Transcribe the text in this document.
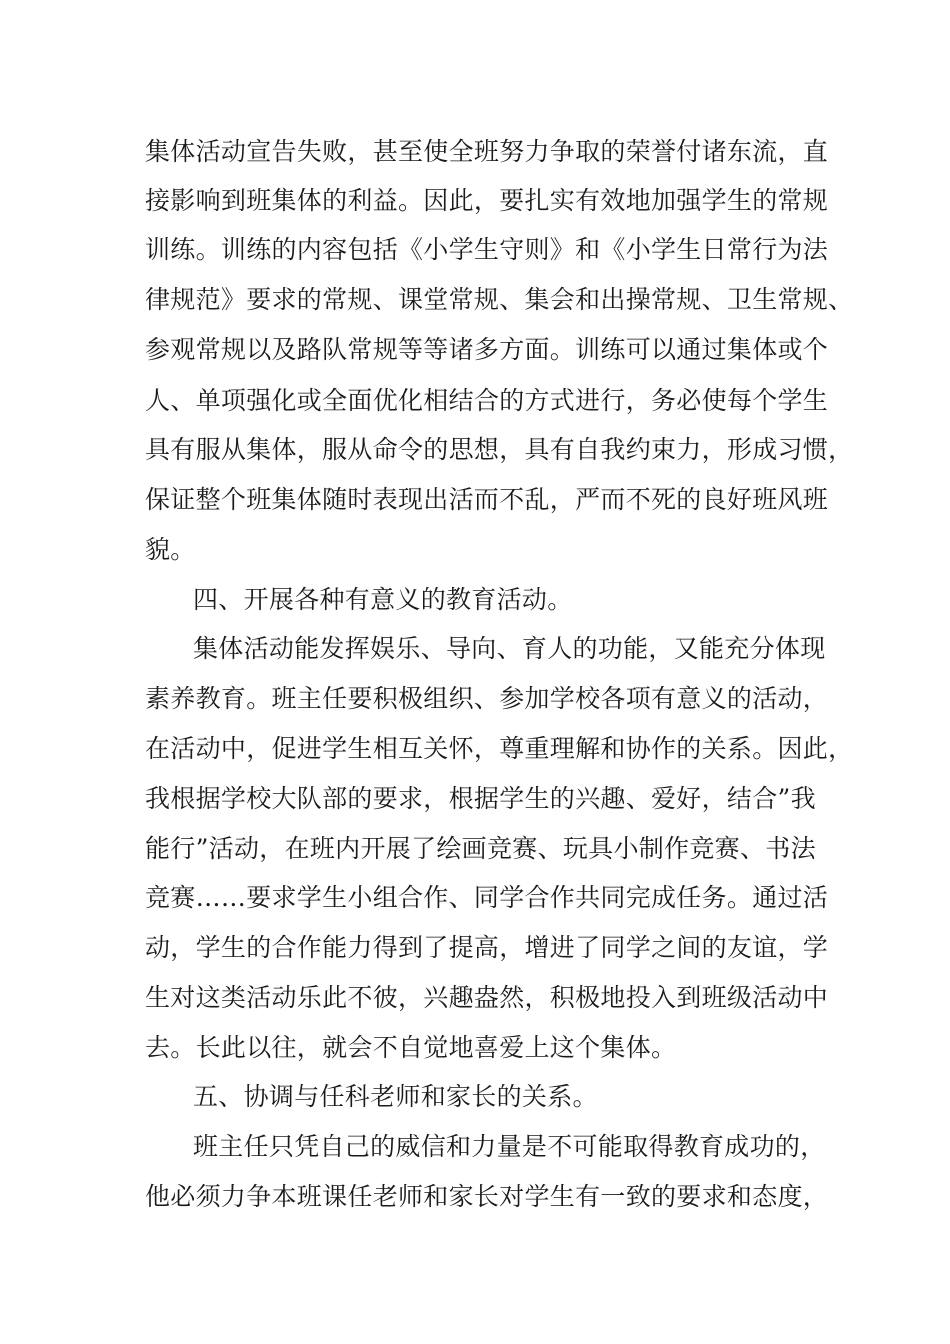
集体活动宣告失败，甚至使全班努力争取的荣誉付诸东流，直
接影响到班集体的利益。因此，要扎实有效地加强学生的常规
训练。训练的内容包括《小学生守则》和《小学生日常行为法
律规范》要求的常规、课堂常规、集会和出操常规、卫生常规、
参观常规以及路队常规等等诸多方面。训练可以通过集体或个
人、单项强化或全面优化相结合的方式进行，务必使每个学生
具有服从集体，服从命令的思想，具有自我约束力，形成习惯，
保证整个班集体随时表现出活而不乱，严而不死的良好班风班
貌。
四、开展各种有意义的教育活动。
集体活动能发挥娱乐、导向、育人的功能，又能充分体现
素养教育。班主任要积极组织、参加学校各项有意义的活动，
在活动中，促进学生相互关怀，尊重理解和协作的关系。因此，
我根据学校大队部的要求，根据学生的兴趣、爱好，结合”我
能行”活动，在班内开展了绘画竞赛、玩具小制作竞赛、书法
竞赛……要求学生小组合作、同学合作共同完成任务。通过活
动，学生的合作能力得到了提高，增进了同学之间的友谊，学
生对这类活动乐此不彼，兴趣盎然，积极地投入到班级活动中
去。长此以往，就会不自觉地喜爱上这个集体。
五、协调与任科老师和家长的关系。
班主任只凭自己的威信和力量是不可能取得教育成功的，
他必须力争本班课任老师和家长对学生有一致的要求和态度，
